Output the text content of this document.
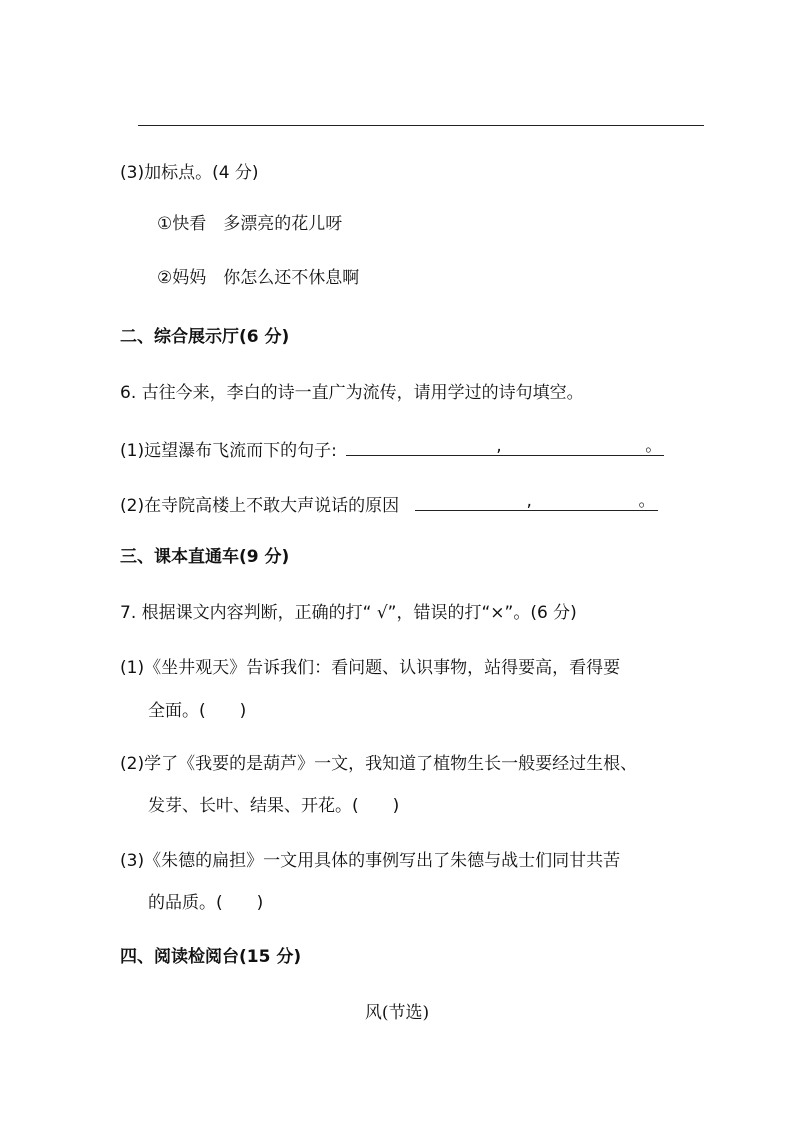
(3)加标点。(4 分)
①快看　多漂亮的花儿呀
②妈妈　你怎么还不休息啊
二、综合展示厅(6 分)
6. 古往今来，李白的诗一直广为流传，请用学过的诗句填空。
(1)远望瀑布飞流而下的句子:	,	。
(2)在寺院高楼上不敢大声说话的原因	,	。
三、课本直通车(9 分)
7. 根据课文内容判断，正确的打“ √”，错误的打“×”。(6 分)
(1)《坐井观天》告诉我们：看问题、认识事物，站得要高，看得要
全面。(　　)
(2)学了《我要的是葫芦》一文，我知道了植物生长一般要经过生根、
发芽、长叶、结果、开花。(　　)
(3)《朱德的扁担》一文用具体的事例写出了朱德与战士们同甘共苦
的品质。(　　)
四、阅读检阅台(15 分)
风(节选)
